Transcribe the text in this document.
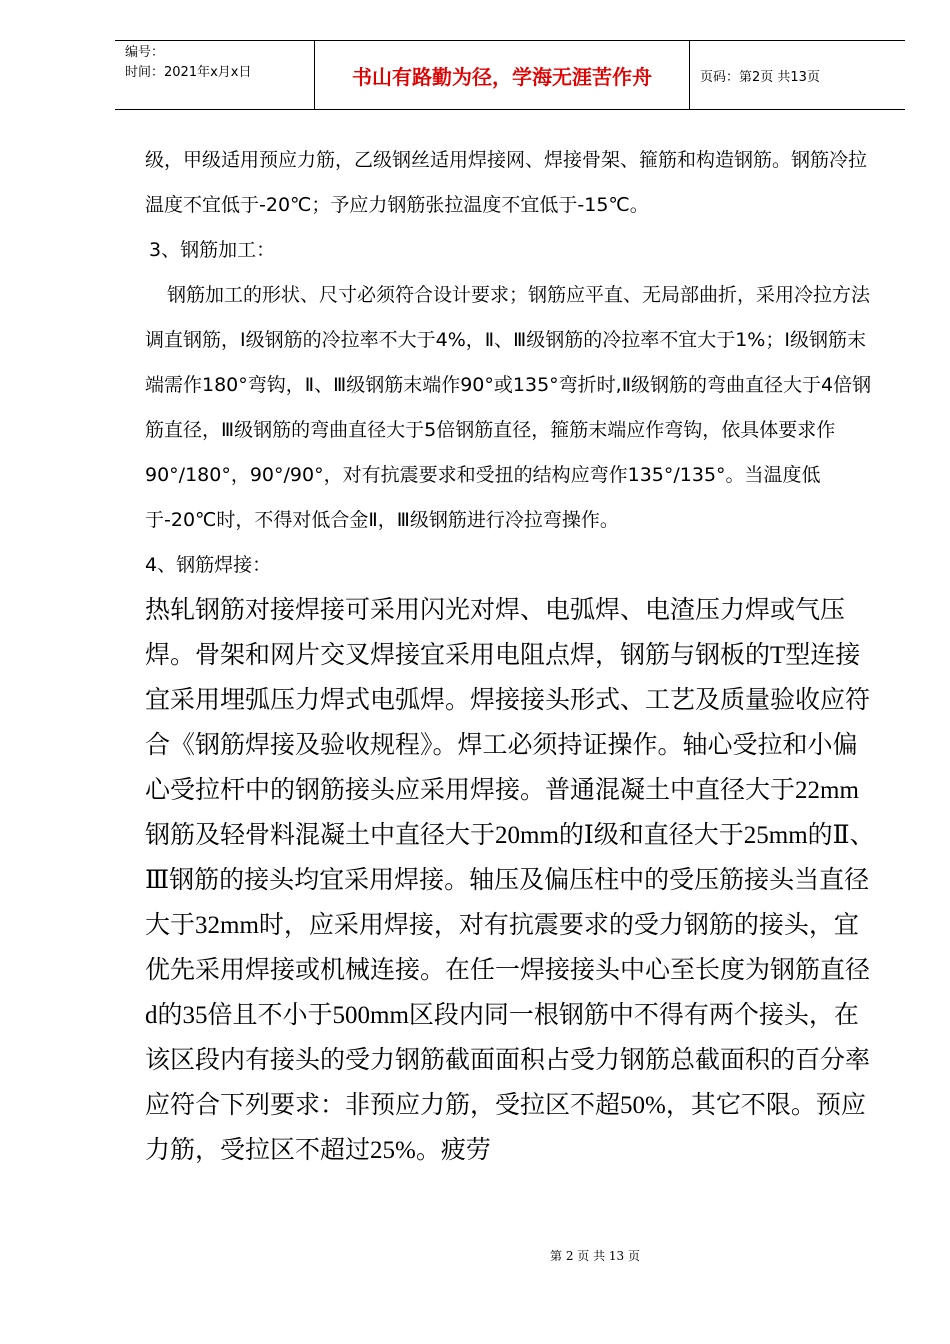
编号：
时间：2021年x月x日	书山有路勤为径，学海无涯苦作舟	页码：第2页 共13页

级，甲级适用预应力筋，乙级钢丝适用焊接网、焊接骨架、箍筋和构造钢筋。钢筋冷拉温度不宜低于-20℃；予应力钢筋张拉温度不宜低于-15℃。

3、钢筋加工：

钢筋加工的形状、尺寸必须符合设计要求；钢筋应平直、无局部曲折，采用冷拉方法调直钢筋，Ⅰ级钢筋的冷拉率不大于4%，Ⅱ、Ⅲ级钢筋的冷拉率不宜大于1%；Ⅰ级钢筋末端需作180°弯钩，Ⅱ、Ⅲ级钢筋末端作90°或135°弯折时,Ⅱ级钢筋的弯曲直径大于4倍钢筋直径，Ⅲ级钢筋的弯曲直径大于5倍钢筋直径，箍筋末端应作弯钩，依具体要求作90°/180°，90°/90°，对有抗震要求和受扭的结构应弯作135°/135°。当温度低于-20℃时，不得对低合金Ⅱ，Ⅲ级钢筋进行冷拉弯操作。

4、钢筋焊接：

热轧钢筋对接焊接可采用闪光对焊、电弧焊、电渣压力焊或气压焊。骨架和网片交叉焊接宜采用电阻点焊，钢筋与钢板的T型连接宜采用埋弧压力焊式电弧焊。焊接接头形式、工艺及质量验收应符合《钢筋焊接及验收规程》。焊工必须持证操作。轴心受拉和小偏心受拉杆中的钢筋接头应采用焊接。普通混凝土中直径大于22mm钢筋及轻骨料混凝土中直径大于20mm的Ⅰ级和直径大于25mm的Ⅱ、Ⅲ钢筋的接头均宜采用焊接。轴压及偏压柱中的受压筋接头当直径大于32mm时，应采用焊接，对有抗震要求的受力钢筋的接头，宜优先采用焊接或机械连接。在任一焊接接头中心至长度为钢筋直径d的35倍且不小于500mm区段内同一根钢筋中不得有两个接头，在该区段内有接头的受力钢筋截面面积占受力钢筋总截面积的百分率应符合下列要求：非预应力筋，受拉区不超50%，其它不限。预应力筋，受拉区不超过25%。疲劳

第 2 页 共 13 页
